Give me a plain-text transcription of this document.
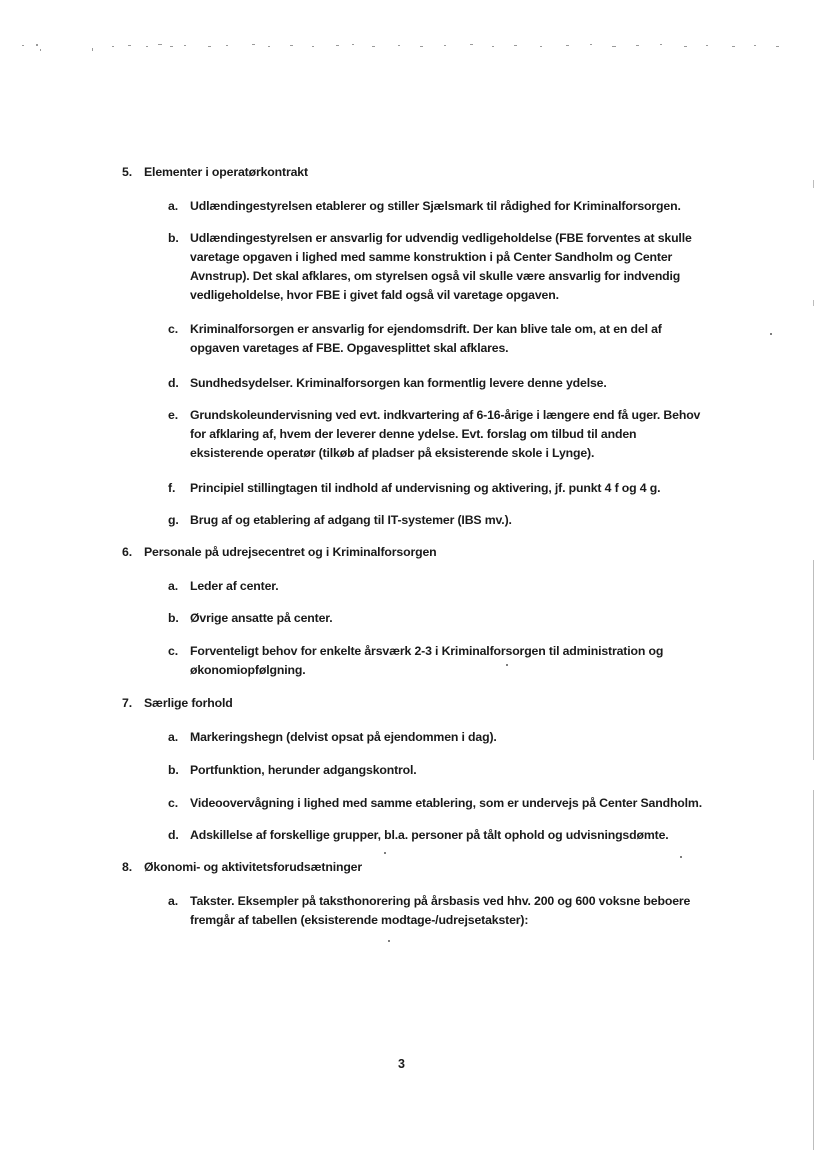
5. Elementer i operatørkontrakt
a. Udlændingestyrelsen etablerer og stiller Sjælsmark til rådighed for Kriminalforsorgen.
b. Udlændingestyrelsen er ansvarlig for udvendig vedligeholdelse (FBE forventes at skulle varetage opgaven i lighed med samme konstruktion i på Center Sandholm og Center Avnstrup). Det skal afklares, om styrelsen også vil skulle være ansvarlig for indvendig vedligeholdelse, hvor FBE i givet fald også vil varetage opgaven.
c. Kriminalforsorgen er ansvarlig for ejendomsdrift. Der kan blive tale om, at en del af opgaven varetages af FBE. Opgavesplittet skal afklares.
d. Sundhedsydelser. Kriminalforsorgen kan formentlig levere denne ydelse.
e. Grundskoleundervisning ved evt. indkvartering af 6-16-årige i længere end få uger. Behov for afklaring af, hvem der leverer denne ydelse. Evt. forslag om tilbud til anden eksisterende operatør (tilkøb af pladser på eksisterende skole i Lynge).
f.	Principiel stillingtagen til indhold af undervisning og aktivering, jf. punkt 4 f og 4 g.
g. Brug af og etablering af adgang til IT-systemer (IBS mv.).
6. Personale på udrejsecentret og i Kriminalforsorgen
a. Leder af center.
b. Øvrige ansatte på center.
c. Forventeligt behov for enkelte årsværk 2-3 i Kriminalforsorgen til administration og økonomiopfølgning.
7. Særlige forhold
a. Markeringshegn (delvist opsat på ejendommen i dag).
b. Portfunktion, herunder adgangskontrol.
c. Videoovervågning i lighed med samme etablering, som er undervejs på Center Sandholm.
d. Adskillelse af forskellige grupper, bl.a. personer på tålt ophold og udvisningsdømte.
8. Økonomi- og aktivitetsforudsætninger
a. Takster. Eksempler på taksthonorering på årsbasis ved hhv. 200 og 600 voksne beboere fremgår af tabellen (eksisterende modtage-/udrejsetakster):
3
